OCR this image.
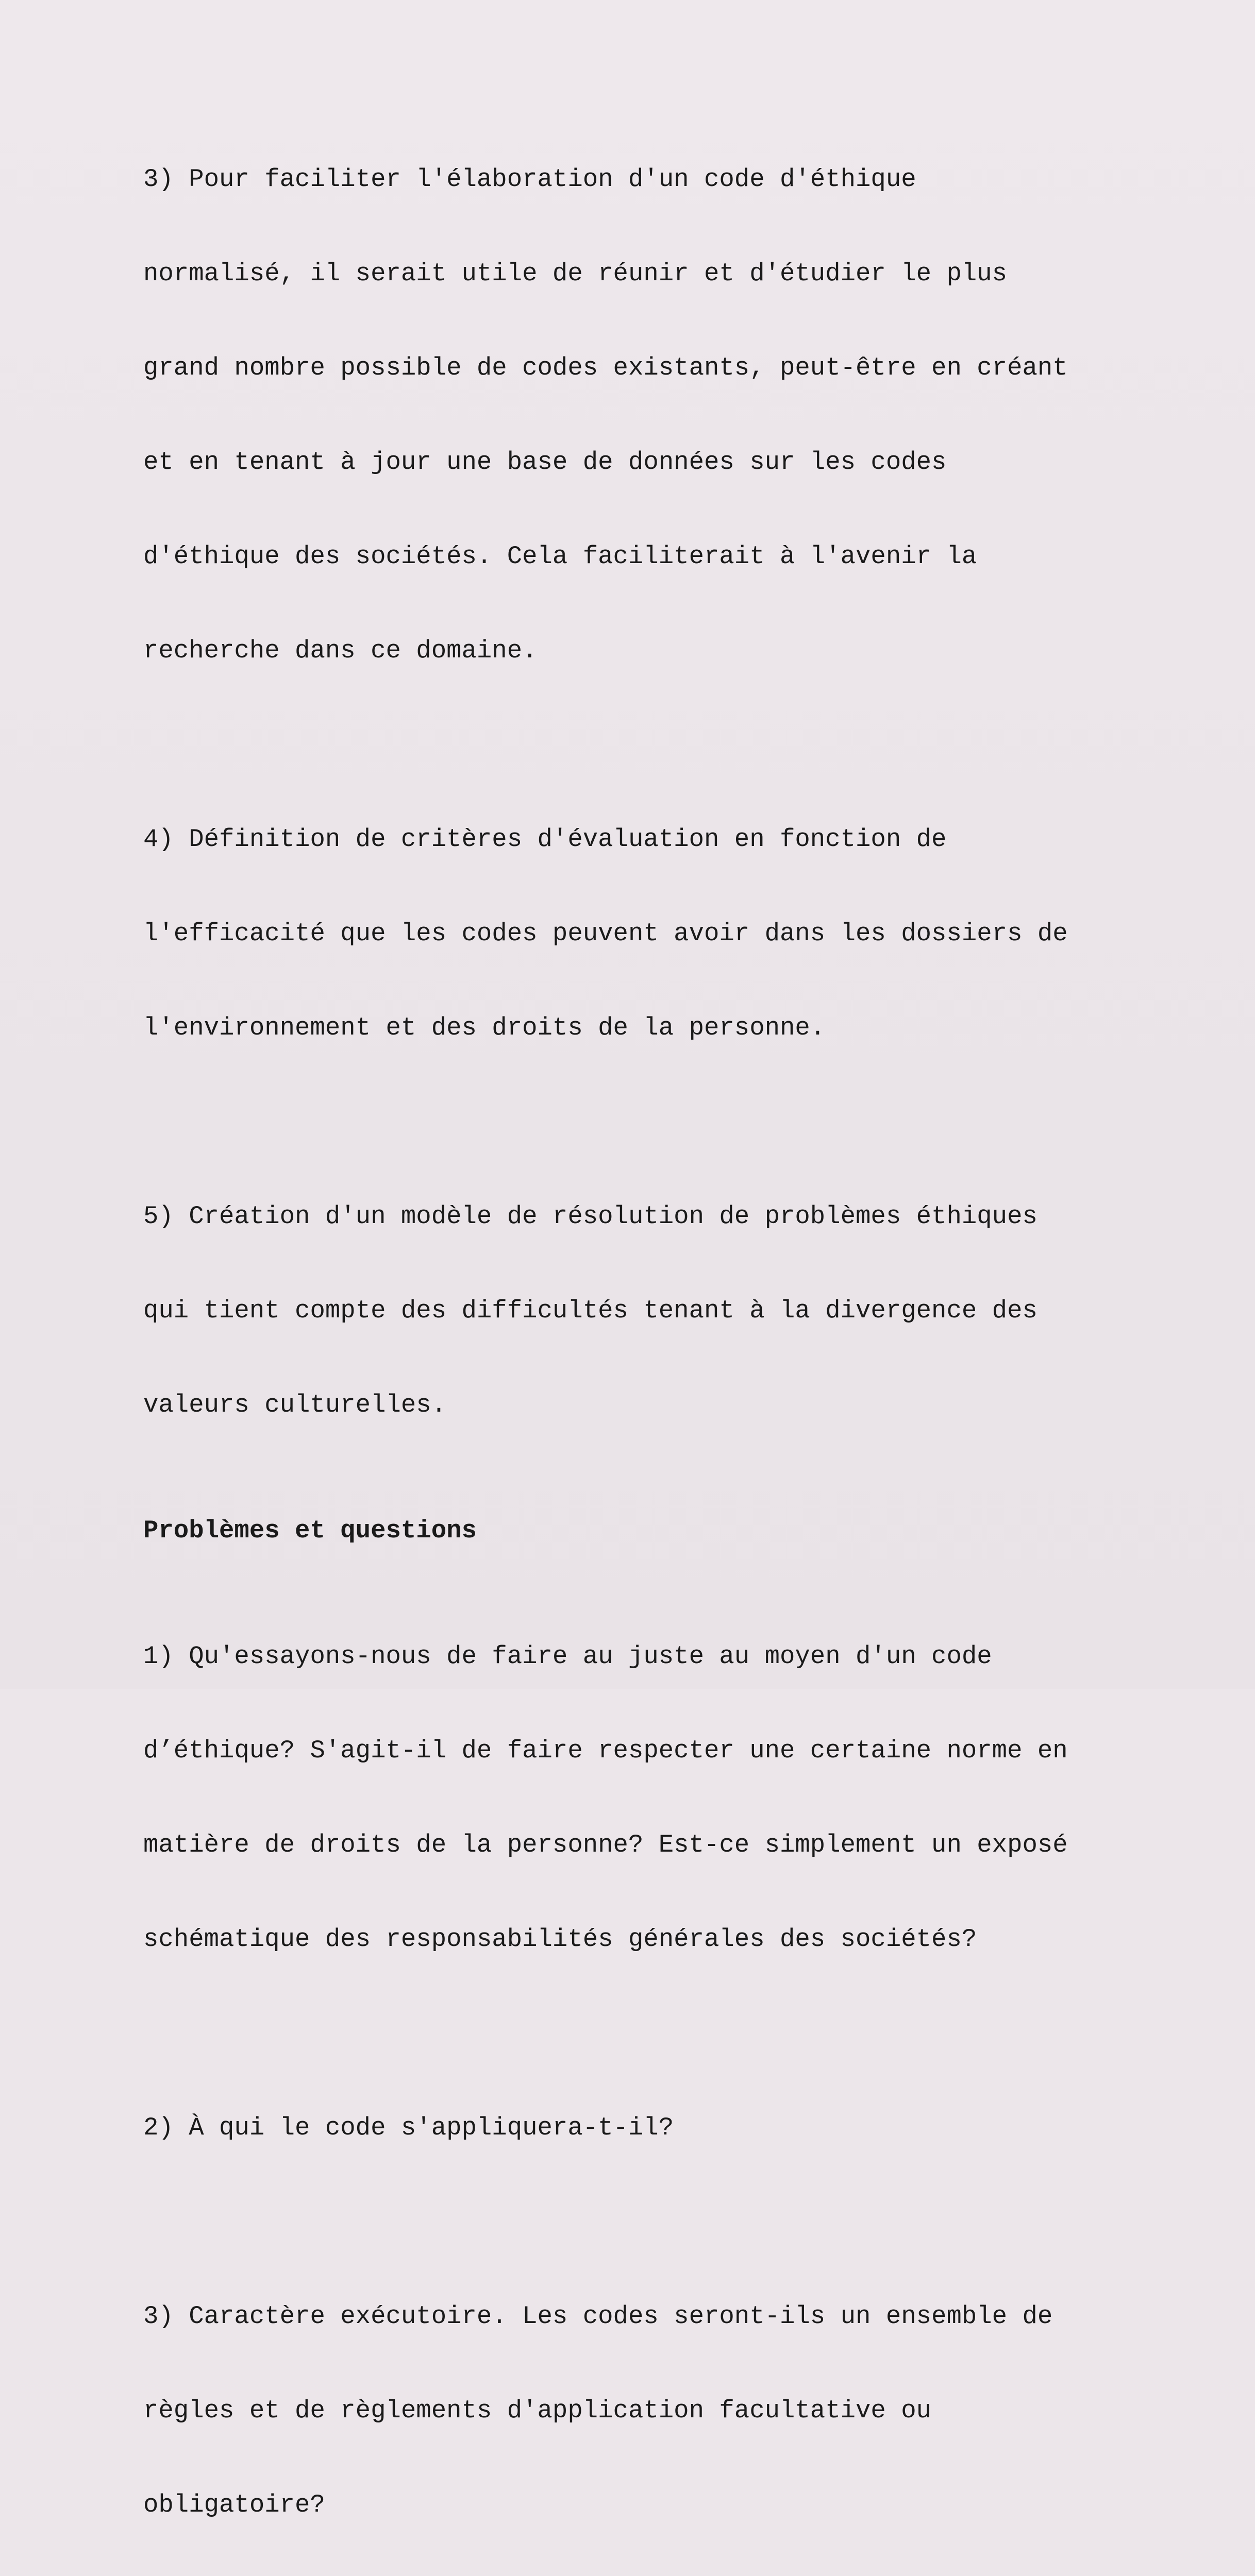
3) Pour faciliter l'élaboration d'un code d'éthique

normalisé, il serait utile de réunir et d'étudier le plus

grand nombre possible de codes existants, peut-être en créant

et en tenant à jour une base de données sur les codes

d'éthique des sociétés. Cela faciliterait à l'avenir la

recherche dans ce domaine.

4) Définition de critères d'évaluation en fonction de

l'efficacité que les codes peuvent avoir dans les dossiers de

l'environnement et des droits de la personne.

5) Création d'un modèle de résolution de problèmes éthiques

qui tient compte des difficultés tenant à la divergence des

valeurs culturelles.

Problèmes et questions

1) Qu'essayons-nous de faire au juste au moyen d'un code

d’éthique? S'agit-il de faire respecter une certaine norme en

matière de droits de la personne? Est-ce simplement un exposé

schématique des responsabilités générales des sociétés?

2) À qui le code s'appliquera-t-il?

3) Caractère exécutoire. Les codes seront-ils un ensemble de

règles et de règlements d'application facultative ou

obligatoire?
